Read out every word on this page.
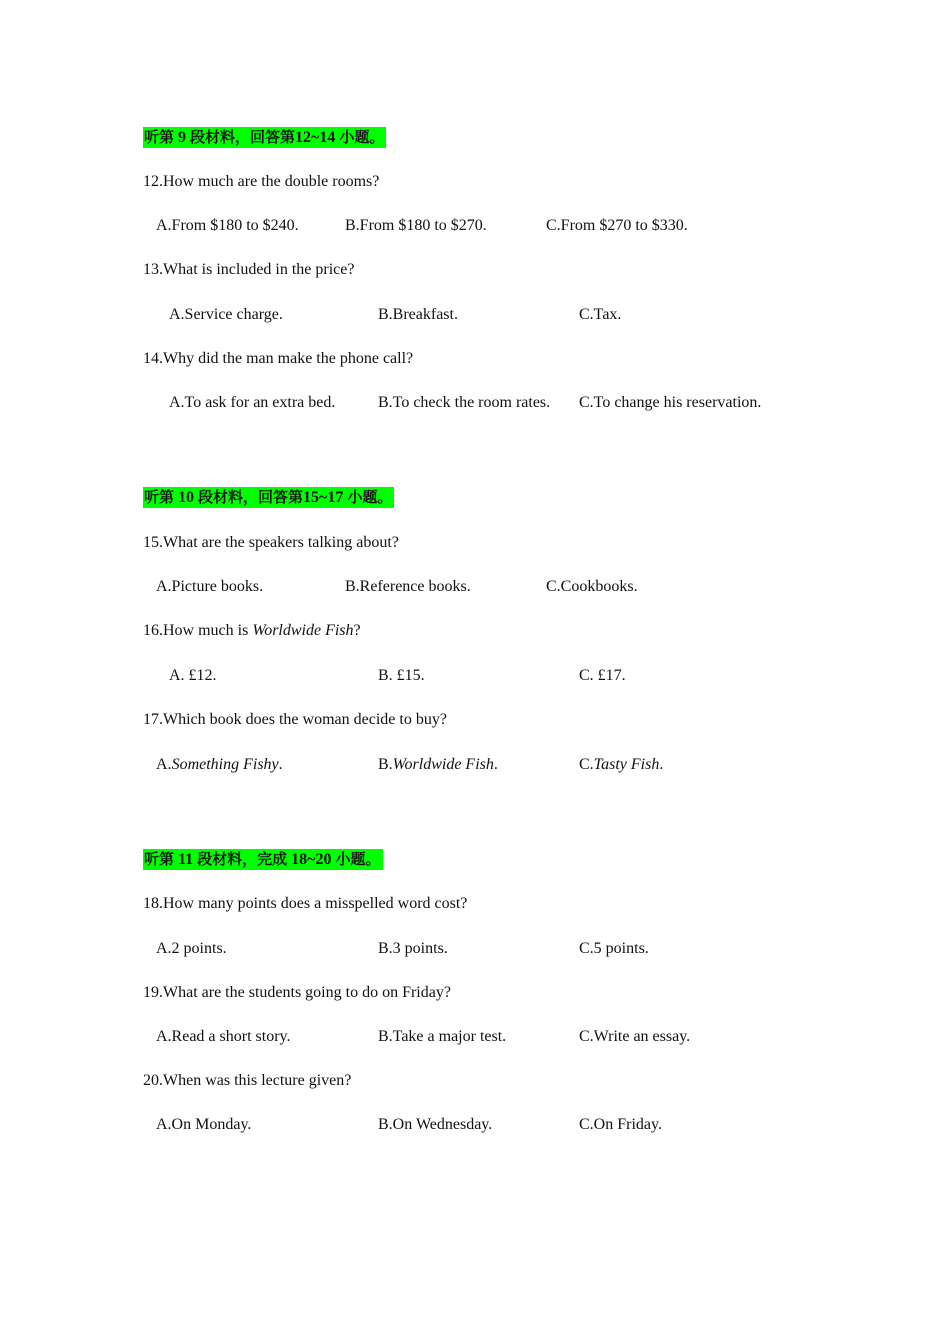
听第 9 段材料，回答第12~14 小题。
12.How much are the double rooms?
A.From $180 to $240.	B.From $180 to $270.	C.From $270 to $330.
13.What is included in the price?
A.Service charge.	B.Breakfast.	C.Tax.
14.Why did the man make the phone call?
A.To ask for an extra bed.	B.To check the room rates. C.To change his reservation.
听第 10 段材料，回答第15~17 小题。
15.What are the speakers talking about?
A.Picture books.	B.Reference books.	C.Cookbooks.
16.How much is Worldwide Fish?
A. £12.	B. £15.	C. £17.
17.Which book does the woman decide to buy?
A.Something Fishy.	B.Worldwide Fish.	C.Tasty Fish.
听第 11 段材料，完成 18~20 小题。
18.How many points does a misspelled word cost?
A.2 points.	B.3 points.	C.5 points.
19.What are the students going to do on Friday?
A.Read a short story.	B.Take a major test.	C.Write an essay.
20.When was this lecture given?
A.On Monday.	B.On Wednesday.	C.On Friday.
